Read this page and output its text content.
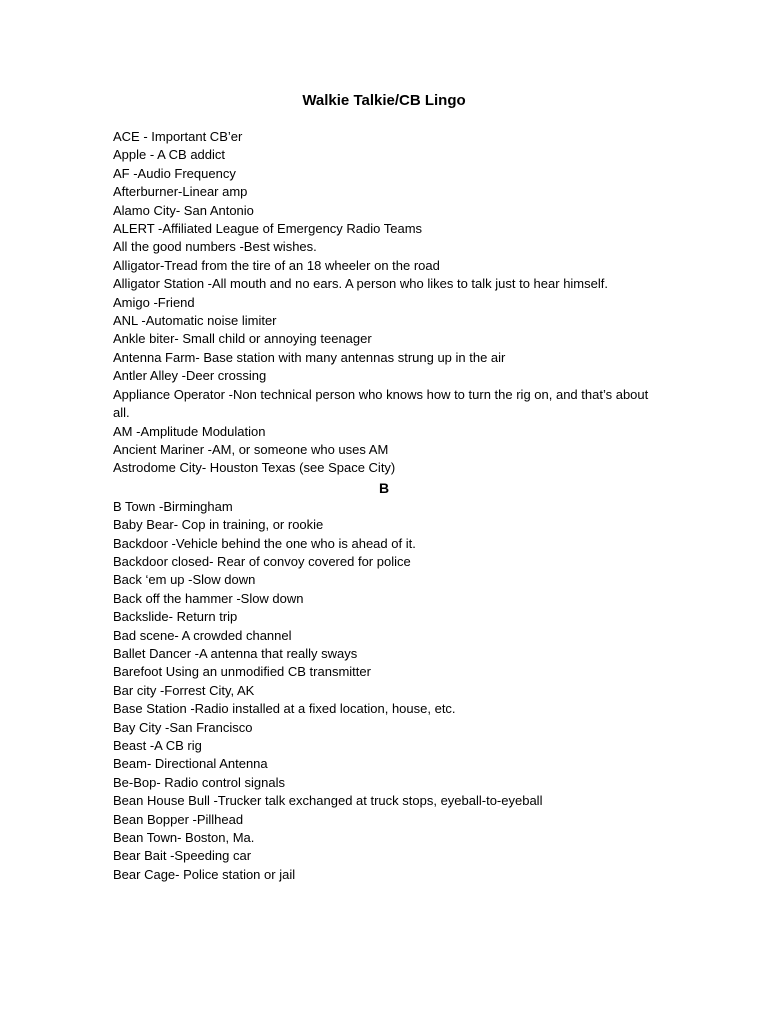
Walkie Talkie/CB Lingo

ACE - Important CB’er

Apple - A CB addict

AF -Audio Frequency

Afterburner-Linear amp

Alamo City- San Antonio

ALERT -Affiliated League of Emergency Radio Teams

All the good numbers -Best wishes.

Alligator-Tread from the tire of an 18 wheeler on the road

Alligator Station -All mouth and no ears. A person who likes to talk just to hear himself.

Amigo -Friend

ANL -Automatic noise limiter

Ankle biter- Small child or annoying teenager

Antenna Farm- Base station with many antennas strung up in the air

Antler Alley -Deer crossing

Appliance Operator -Non technical person who knows how to turn the rig on, and that’s about all.

AM -Amplitude Modulation

Ancient Mariner -AM, or someone who uses AM

Astrodome City- Houston Texas (see Space City)

B

B Town -Birmingham

Baby Bear- Cop in training, or rookie

Backdoor -Vehicle behind the one who is ahead of it.

Backdoor closed- Rear of convoy covered for police

Back ‘em up -Slow down

Back off the hammer -Slow down

Backslide- Return trip

Bad scene- A crowded channel

Ballet Dancer -A antenna that really sways

Barefoot Using an unmodified CB transmitter

Bar city -Forrest City, AK

Base Station -Radio installed at a fixed location, house, etc.

Bay City -San Francisco

Beast -A CB rig

Beam- Directional Antenna

Be-Bop- Radio control signals

Bean House Bull -Trucker talk exchanged at truck stops, eyeball-to-eyeball

Bean Bopper -Pillhead

Bean Town- Boston, Ma.

Bear Bait -Speeding car

Bear Cage- Police station or jail
